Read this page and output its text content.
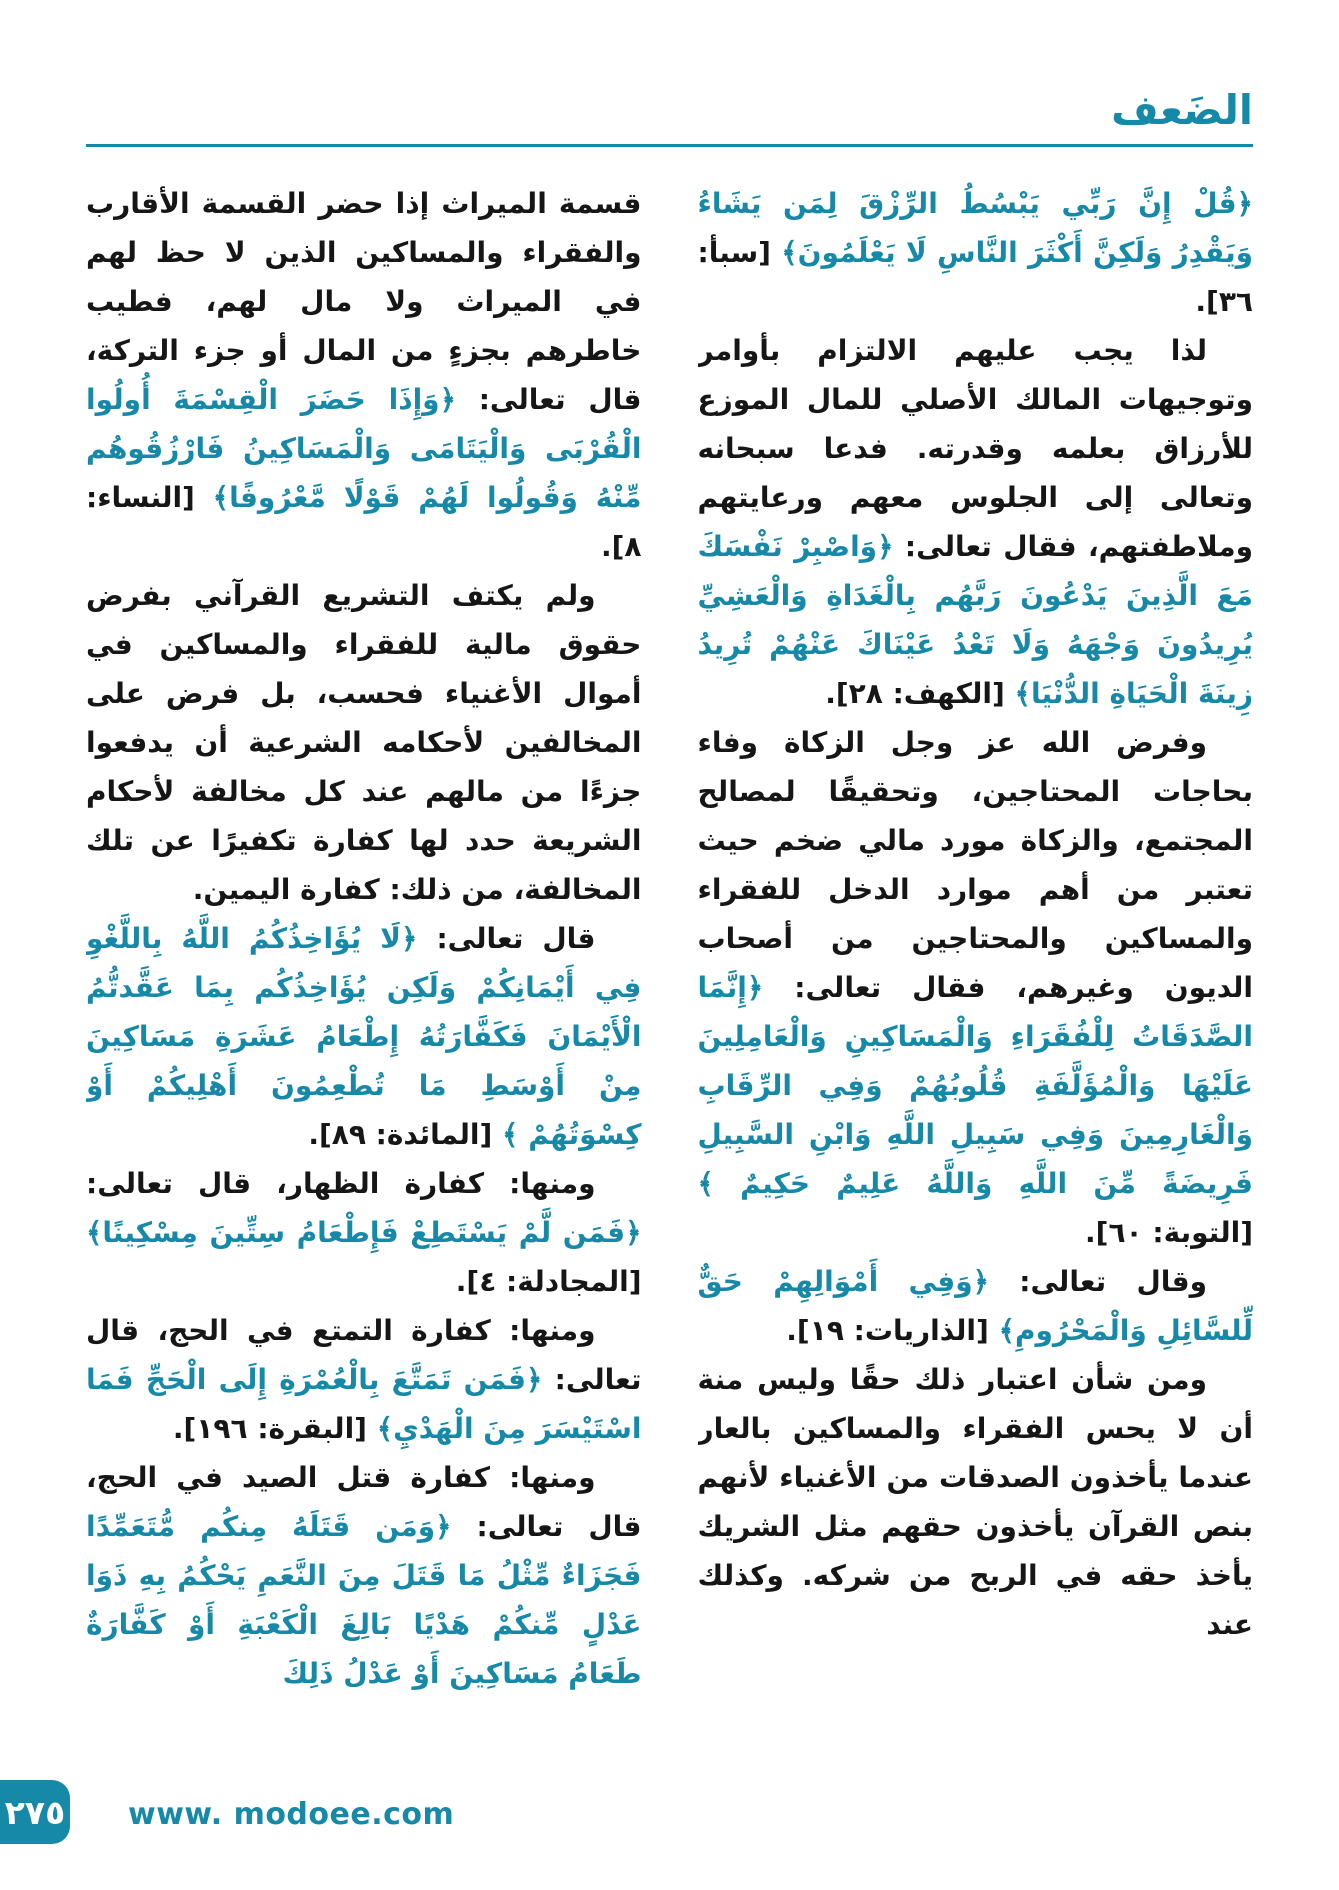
الضَعف

﴿قُلْ إِنَّ رَبِّي يَبْسُطُ الرِّزْقَ لِمَن يَشَاءُ وَيَقْدِرُ وَلَكِنَّ أَكْثَرَ النَّاسِ لَا يَعْلَمُونَ﴾ [سبأ: ٣٦].

لذا يجب عليهم الالتزام بأوامر وتوجيهات المالك الأصلي للمال الموزع للأرزاق بعلمه وقدرته. فدعا سبحانه وتعالى إلى الجلوس معهم ورعايتهم وملاطفتهم، فقال تعالى: ﴿وَاصْبِرْ نَفْسَكَ مَعَ الَّذِينَ يَدْعُونَ رَبَّهُم بِالْغَدَاةِ وَالْعَشِيِّ يُرِيدُونَ وَجْهَهُ وَلَا تَعْدُ عَيْنَاكَ عَنْهُمْ تُرِيدُ زِينَةَ الْحَيَاةِ الدُّنْيَا﴾ [الكهف: ٢٨].

وفرض الله عز وجل الزكاة وفاء بحاجات المحتاجين، وتحقيقًا لمصالح المجتمع، والزكاة مورد مالي ضخم حيث تعتبر من أهم موارد الدخل للفقراء والمساكين والمحتاجين من أصحاب الديون وغيرهم، فقال تعالى: ﴿إِنَّمَا الصَّدَقَاتُ لِلْفُقَرَاءِ وَالْمَسَاكِينِ وَالْعَامِلِينَ عَلَيْهَا وَالْمُؤَلَّفَةِ قُلُوبُهُمْ وَفِي الرِّقَابِ وَالْغَارِمِينَ وَفِي سَبِيلِ اللَّهِ وَابْنِ السَّبِيلِ فَرِيضَةً مِّنَ اللَّهِ وَاللَّهُ عَلِيمٌ حَكِيمٌ ﴾ [التوبة: ٦٠].

وقال تعالى: ﴿وَفِي أَمْوَالِهِمْ حَقٌّ لِّلسَّائِلِ وَالْمَحْرُومِ﴾ [الذاريات: ١٩].

ومن شأن اعتبار ذلك حقًا وليس منة أن لا يحس الفقراء والمساكين بالعار عندما يأخذون الصدقات من الأغنياء لأنهم بنص القرآن يأخذون حقهم مثل الشريك يأخذ حقه في الربح من شركه. وكذلك عند

قسمة الميراث إذا حضر القسمة الأقارب والفقراء والمساكين الذين لا حظ لهم في الميراث ولا مال لهم، فطيب خاطرهم بجزءٍ من المال أو جزء التركة، قال تعالى: ﴿وَإِذَا حَضَرَ الْقِسْمَةَ أُولُوا الْقُرْبَى وَالْيَتَامَى وَالْمَسَاكِينُ فَارْزُقُوهُم مِّنْهُ وَقُولُوا لَهُمْ قَوْلًا مَّعْرُوفًا﴾ [النساء: ٨].

ولم يكتف التشريع القرآني بفرض حقوق مالية للفقراء والمساكين في أموال الأغنياء فحسب، بل فرض على المخالفين لأحكامه الشرعية أن يدفعوا جزءًا من مالهم عند كل مخالفة لأحكام الشريعة حدد لها كفارة تكفيرًا عن تلك المخالفة، من ذلك: كفارة اليمين.

قال تعالى: ﴿لَا يُؤَاخِذُكُمُ اللَّهُ بِاللَّغْوِ فِي أَيْمَانِكُمْ وَلَكِن يُؤَاخِذُكُم بِمَا عَقَّدتُّمُ الْأَيْمَانَ فَكَفَّارَتُهُ إِطْعَامُ عَشَرَةِ مَسَاكِينَ مِنْ أَوْسَطِ مَا تُطْعِمُونَ أَهْلِيكُمْ أَوْ كِسْوَتُهُمْ ﴾ [المائدة: ٨٩].

ومنها: كفارة الظهار، قال تعالى: ﴿فَمَن لَّمْ يَسْتَطِعْ فَإِطْعَامُ سِتِّينَ مِسْكِينًا﴾ [المجادلة: ٤].

ومنها: كفارة التمتع في الحج، قال تعالى: ﴿فَمَن تَمَتَّعَ بِالْعُمْرَةِ إِلَى الْحَجِّ فَمَا اسْتَيْسَرَ مِنَ الْهَدْيِ﴾ [البقرة: ١٩٦].

ومنها: كفارة قتل الصيد في الحج، قال تعالى: ﴿وَمَن قَتَلَهُ مِنكُم مُّتَعَمِّدًا فَجَزَاءٌ مِّثْلُ مَا قَتَلَ مِنَ النَّعَمِ يَحْكُمُ بِهِ ذَوَا عَدْلٍ مِّنكُمْ هَدْيًا بَالِغَ الْكَعْبَةِ أَوْ كَفَّارَةٌ طَعَامُ مَسَاكِينَ أَوْ عَدْلُ ذَلِكَ

٢٧٥ www. modoee.com
